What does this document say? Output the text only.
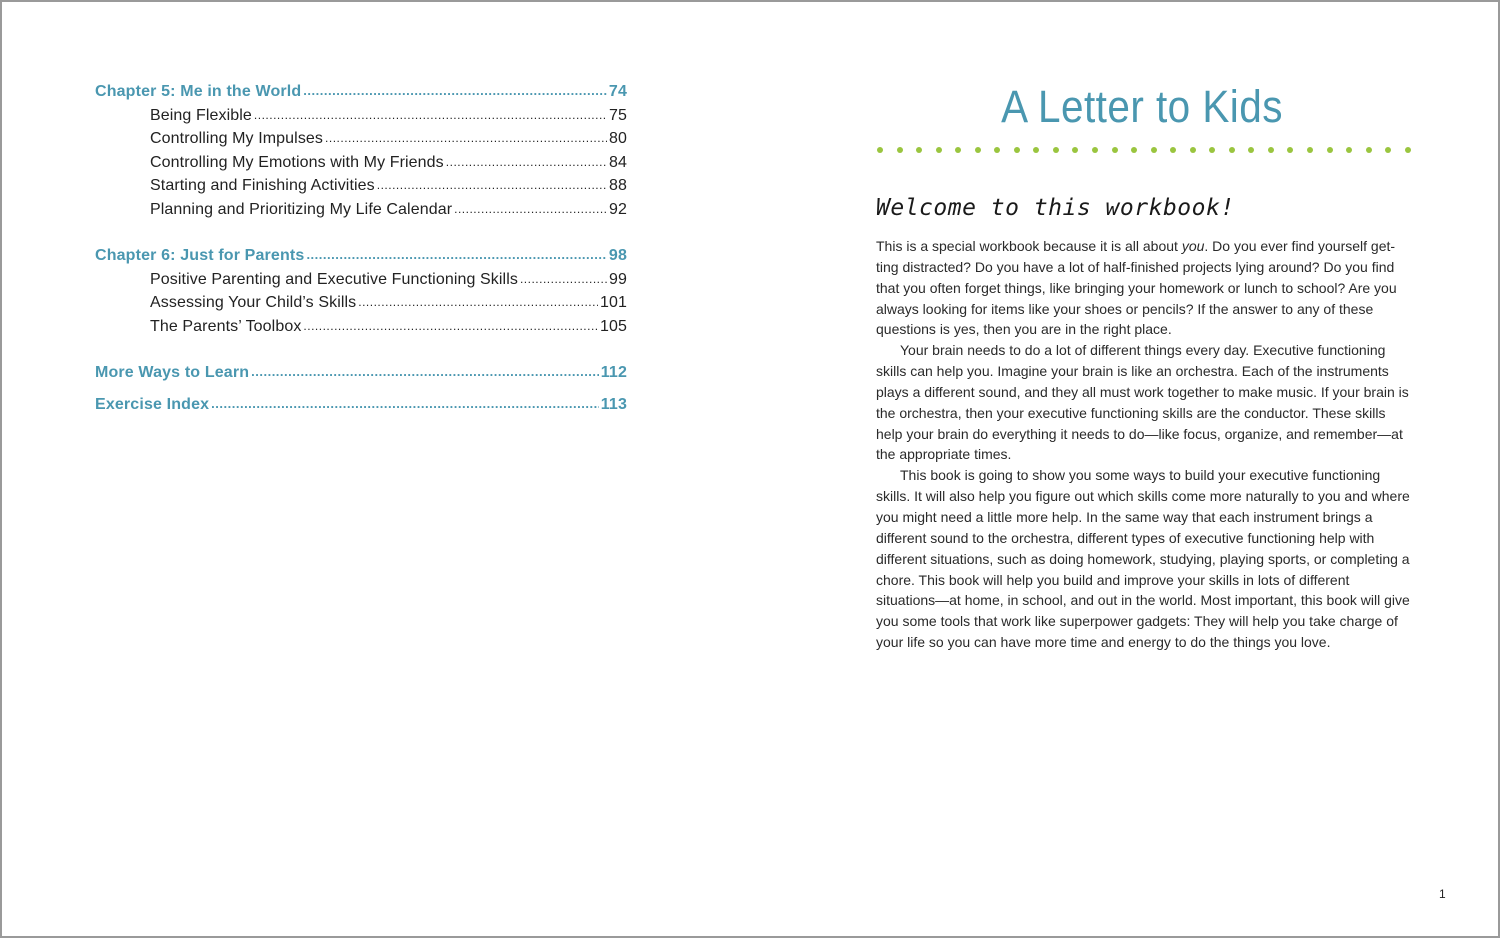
Chapter 5: Me in the World .....	74
Being Flexible .....	75
Controlling My Impulses .....	80
Controlling My Emotions with My Friends .....	84
Starting and Finishing Activities .....	88
Planning and Prioritizing My Life Calendar .....	92
Chapter 6: Just for Parents .....	98
Positive Parenting and Executive Functioning Skills .....	99
Assessing Your Child’s Skills .....	101
The Parents’ Toolbox .....	105
More Ways to Learn .....	112
Exercise Index .....	113
A Letter to Kids
Welcome to this workbook!

This is a special workbook because it is all about you. Do you ever find yourself get-ting distracted? Do you have a lot of half-finished projects lying around? Do you find that you often forget things, like bringing your homework or lunch to school? Are you always looking for items like your shoes or pencils? If the answer to any of these questions is yes, then you are in the right place.

Your brain needs to do a lot of different things every day. Executive functioning skills can help you. Imagine your brain is like an orchestra. Each of the instruments plays a different sound, and they all must work together to make music. If your brain is the orchestra, then your executive functioning skills are the conductor. These skills help your brain do everything it needs to do—like focus, organize, and remember—at the appropriate times.

This book is going to show you some ways to build your executive functioning skills. It will also help you figure out which skills come more naturally to you and where you might need a little more help. In the same way that each instrument brings a different sound to the orchestra, different types of executive functioning help with different situations, such as doing homework, studying, playing sports, or completing a chore. This book will help you build and improve your skills in lots of different situations—at home, in school, and out in the world. Most important, this book will give you some tools that work like superpower gadgets: They will help you take charge of your life so you can have more time and energy to do the things you love.

1
